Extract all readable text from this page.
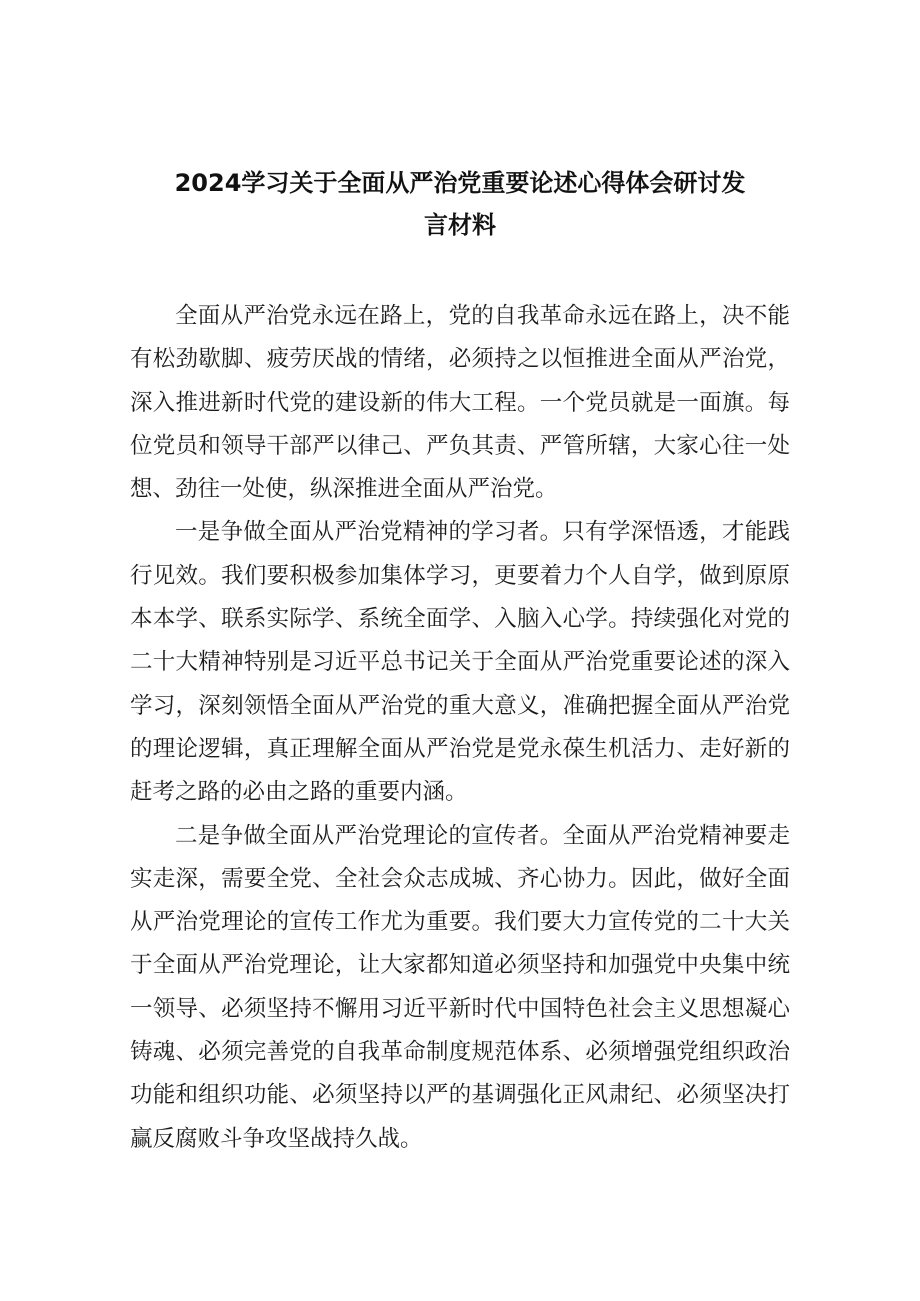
2024学习关于全面从严治党重要论述心得体会研讨发
言材料

全面从严治党永远在路上，党的自我革命永远在路上，决不能有松劲歇脚、疲劳厌战的情绪，必须持之以恒推进全面从严治党，深入推进新时代党的建设新的伟大工程。一个党员就是一面旗。每位党员和领导干部严以律己、严负其责、严管所辖，大家心往一处想、劲往一处使，纵深推进全面从严治党。

一是争做全面从严治党精神的学习者。只有学深悟透，才能践行见效。我们要积极参加集体学习，更要着力个人自学，做到原原本本学、联系实际学、系统全面学、入脑入心学。持续强化对党的二十大精神特别是习近平总书记关于全面从严治党重要论述的深入学习，深刻领悟全面从严治党的重大意义，准确把握全面从严治党的理论逻辑，真正理解全面从严治党是党永葆生机活力、走好新的赶考之路的必由之路的重要内涵。

二是争做全面从严治党理论的宣传者。全面从严治党精神要走实走深，需要全党、全社会众志成城、齐心协力。因此，做好全面从严治党理论的宣传工作尤为重要。我们要大力宣传党的二十大关于全面从严治党理论，让大家都知道必须坚持和加强党中央集中统一领导、必须坚持不懈用习近平新时代中国特色社会主义思想凝心铸魂、必须完善党的自我革命制度规范体系、必须增强党组织政治功能和组织功能、必须坚持以严的基调强化正风肃纪、必须坚决打赢反腐败斗争攻坚战持久战。
